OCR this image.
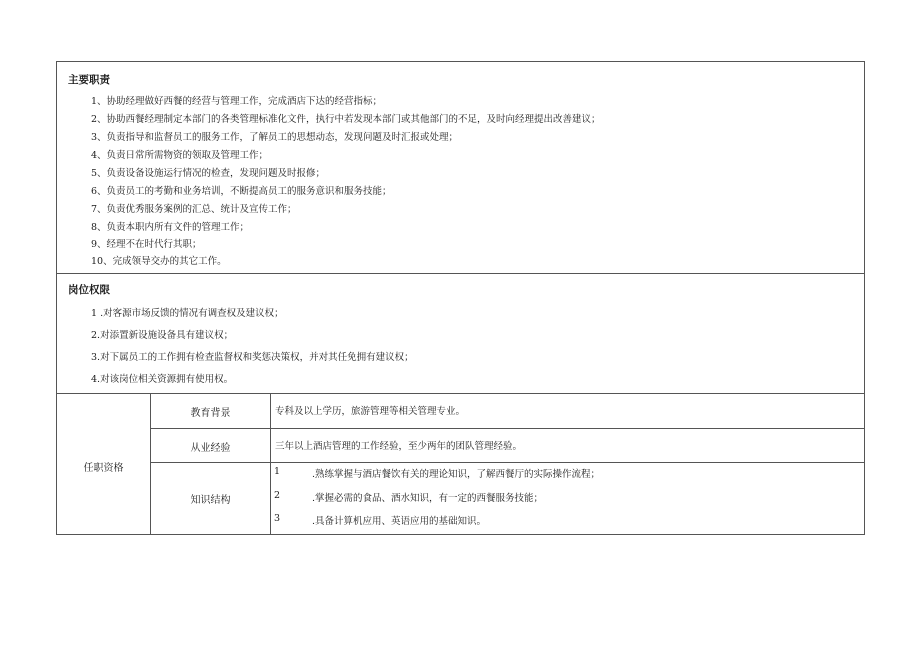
主要职责
1、协助经理做好西餐的经营与管理工作，完成酒店下达的经营指标；
2、协助西餐经理制定本部门的各类管理标准化文件，执行中若发现本部门或其他部门的不足，及时向经理提出改善建议；
3、负责指导和监督员工的服务工作，了解员工的思想动态，发现问题及时汇报或处理；
4、负责日常所需物资的领取及管理工作；
5、负责设备设施运行情况的检查，发现问题及时报修；
6、负责员工的考勤和业务培训，不断提高员工的服务意识和服务技能；
7、负责优秀服务案例的汇总、统计及宣传工作；
8、负责本职内所有文件的管理工作；
9、经理不在时代行其职；
10、完成领导交办的其它工作。
岗位权限
1 .对客源市场反馈的情况有调查权及建议权；
2.对添置新设施设备具有建议权；
3.对下属员工的工作拥有检查监督权和奖惩决策权，并对其任免拥有建议权；
4.对该岗位相关资源拥有使用权。
任职资格
教育背景	专科及以上学历，旅游管理等相关管理专业。
从业经验	三年以上酒店管理的工作经验，至少两年的团队管理经验。
知识结构
1	.熟练掌握与酒店餐饮有关的理论知识，了解西餐厅的实际操作流程；
2	.掌握必需的食品、酒水知识，有一定的西餐服务技能；
3	.具备计算机应用、英语应用的基础知识。
